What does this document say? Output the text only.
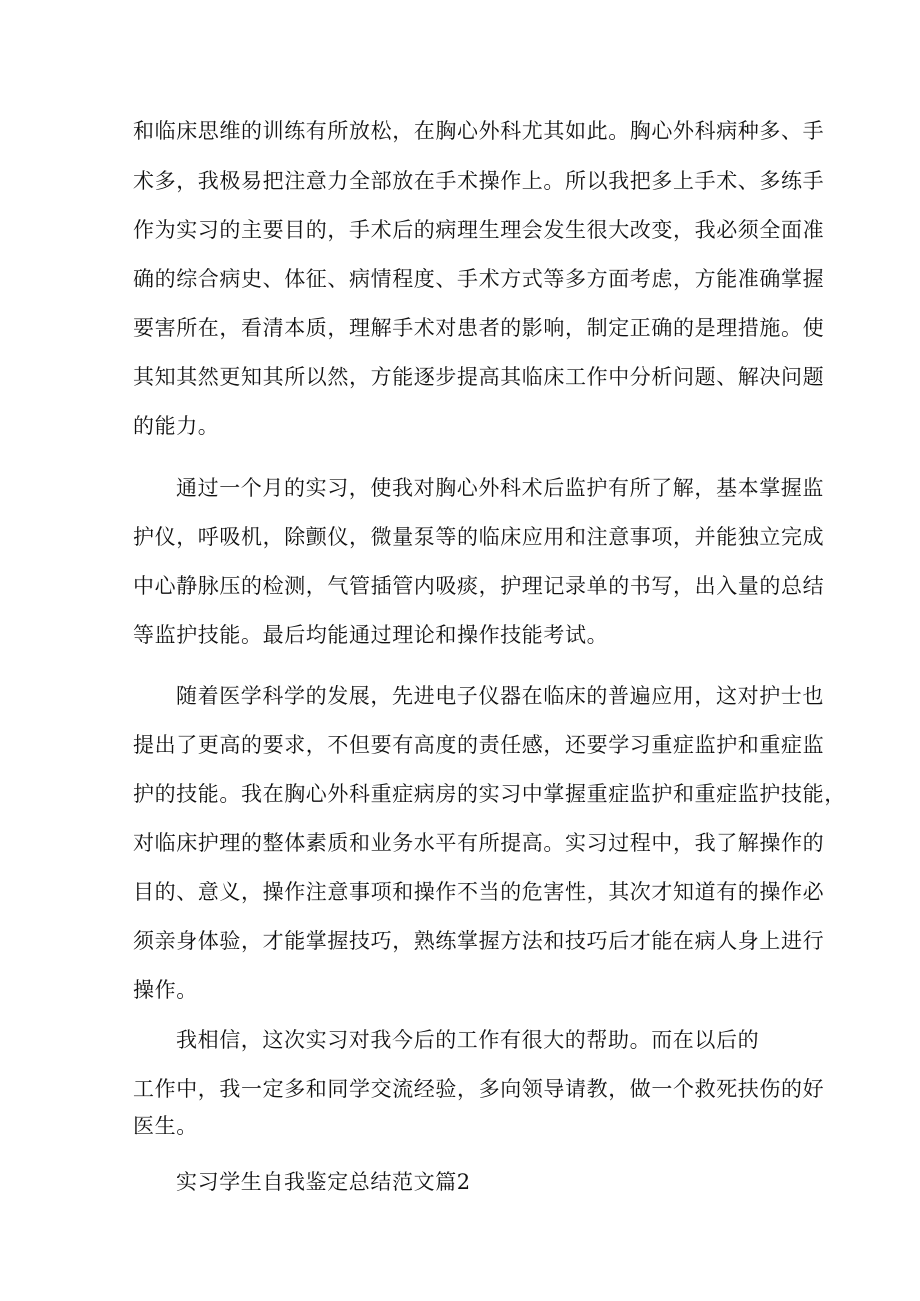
和临床思维的训练有所放松，在胸心外科尤其如此。胸心外科病种多、手
术多，我极易把注意力全部放在手术操作上。所以我把多上手术、多练手
作为实习的主要目的，手术后的病理生理会发生很大改变，我必须全面准
确的综合病史、体征、病情程度、手术方式等多方面考虑，方能准确掌握
要害所在，看清本质，理解手术对患者的影响，制定正确的是理措施。使
其知其然更知其所以然，方能逐步提高其临床工作中分析问题、解决问题
的能力。
通过一个月的实习，使我对胸心外科术后监护有所了解，基本掌握监
护仪，呼吸机，除颤仪，微量泵等的临床应用和注意事项，并能独立完成
中心静脉压的检测，气管插管内吸痰，护理记录单的书写，出入量的总结
等监护技能。最后均能通过理论和操作技能考试。
随着医学科学的发展，先进电子仪器在临床的普遍应用，这对护士也
提出了更高的要求，不但要有高度的责任感，还要学习重症监护和重症监
护的技能。我在胸心外科重症病房的实习中掌握重症监护和重症监护技能，
对临床护理的整体素质和业务水平有所提高。实习过程中，我了解操作的
目的、意义，操作注意事项和操作不当的危害性，其次才知道有的操作必
须亲身体验，才能掌握技巧，熟练掌握方法和技巧后才能在病人身上进行
操作。
我相信，这次实习对我今后的工作有很大的帮助。而在以后的
工作中，我一定多和同学交流经验，多向领导请教，做一个救死扶伤的好
医生。
实习学生自我鉴定总结范文篇2
